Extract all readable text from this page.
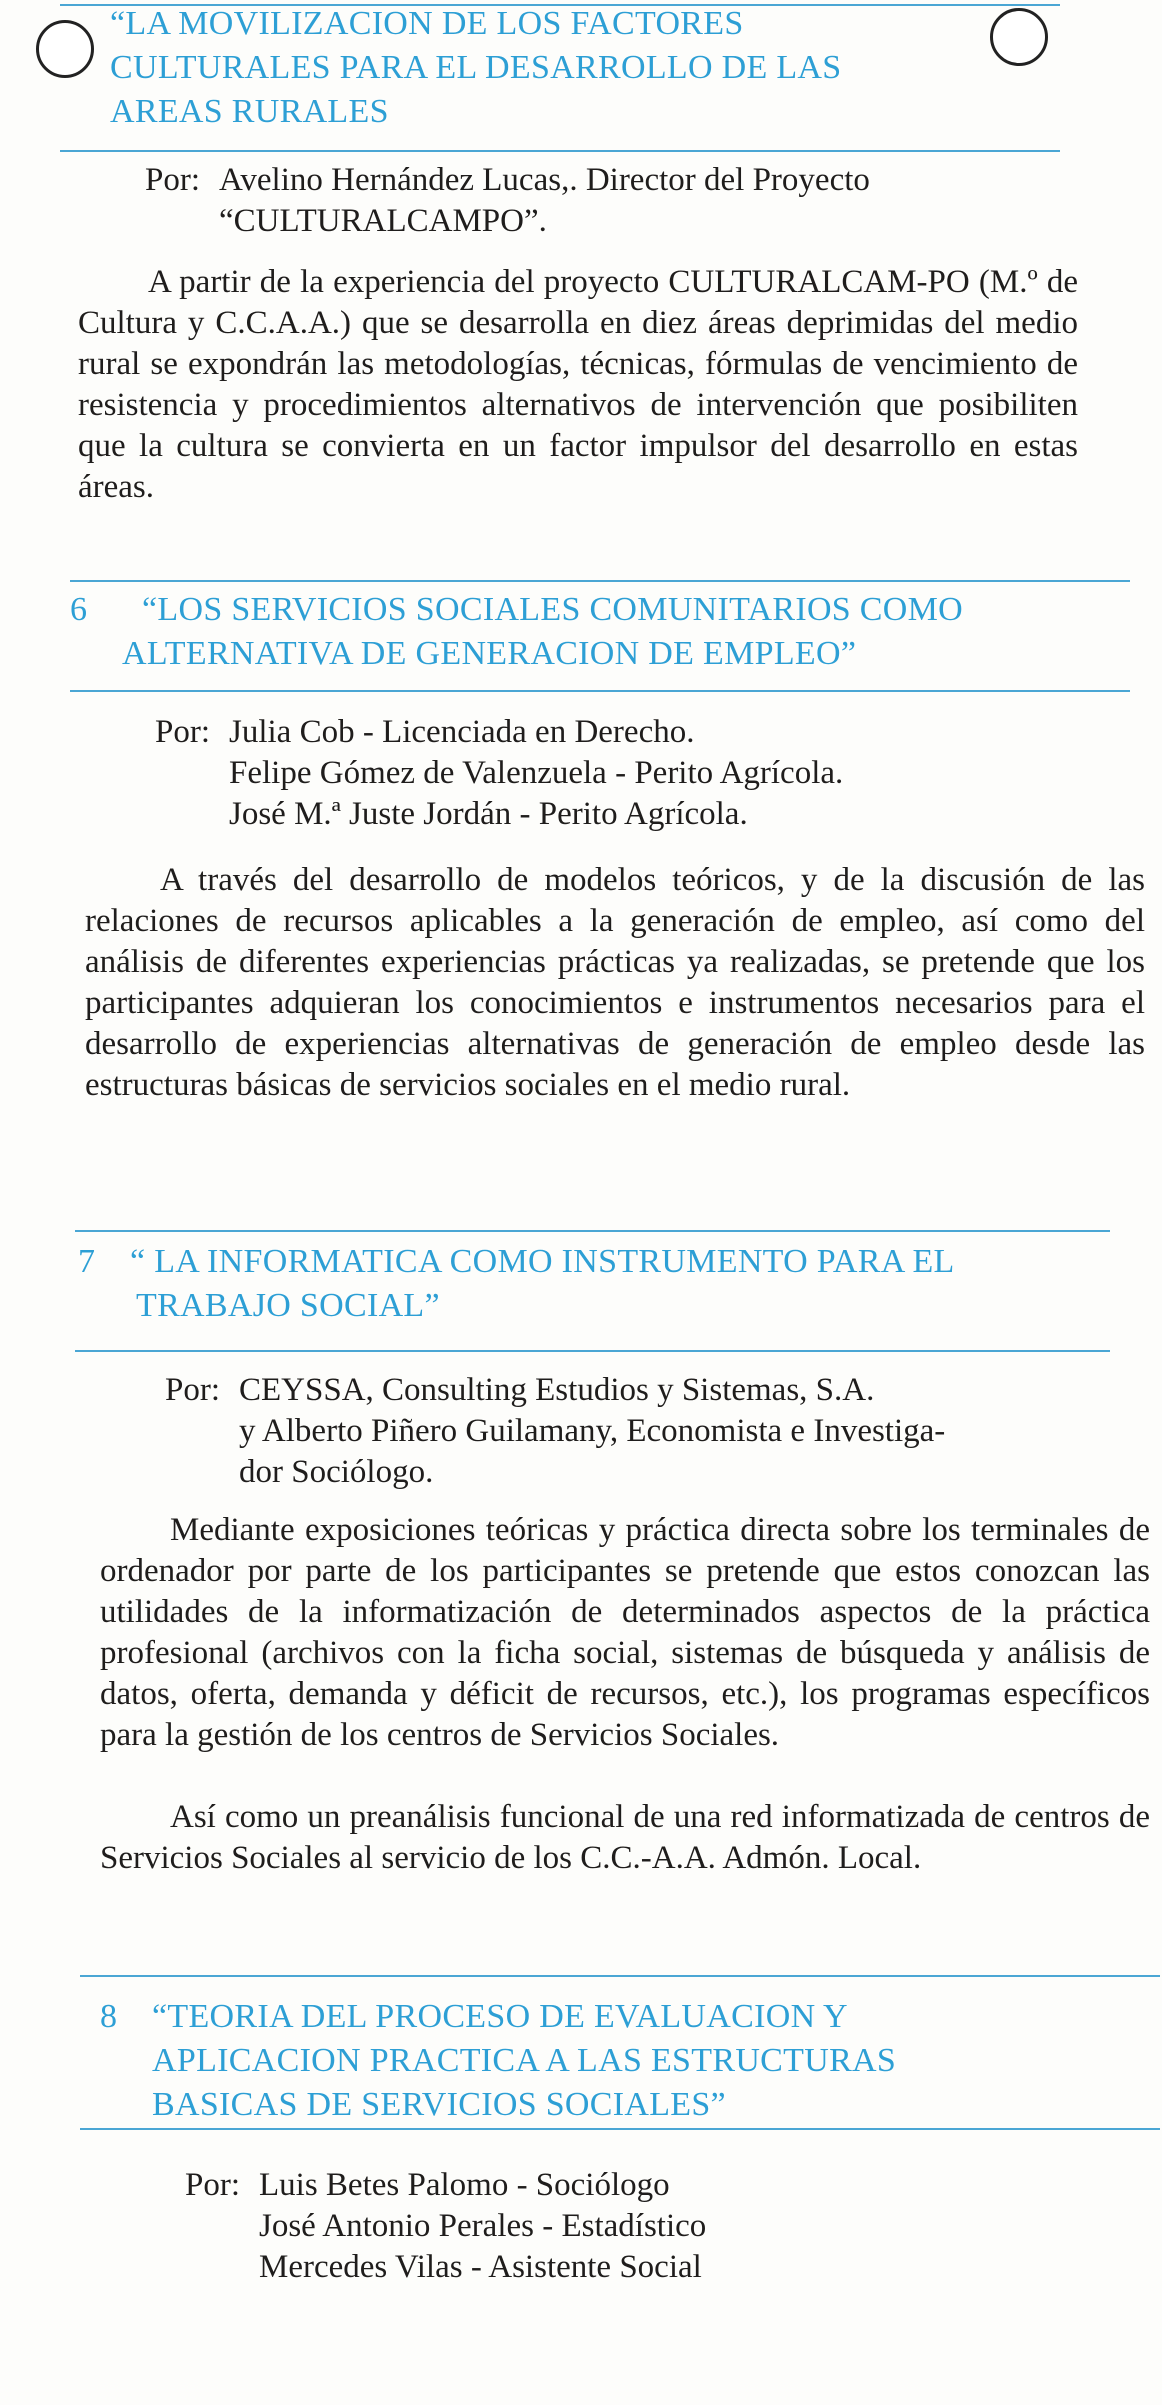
“LA MOVILIZACION DE LOS FACTORES
CULTURALES PARA EL DESARROLLO DE LAS
AREAS RURALES
Por: Avelino Hernández Lucas,. Director del Proyecto
“CULTURALCAMPO”.
A partir de la experiencia del proyecto CULTURALCAM-PO (M.º de Cultura y C.C.A.A.) que se desarrolla en diez áreas deprimidas del medio rural se expondrán las metodologías, técnicas, fórmulas de vencimiento de resistencia y procedimientos alternativos de intervención que posibiliten que la cultura se convierta en un factor impulsor del desarrollo en estas áreas.
6 “LOS SERVICIOS SOCIALES COMUNITARIOS COMO
ALTERNATIVA DE GENERACION DE EMPLEO”
Por: Julia Cob - Licenciada en Derecho.
Felipe Gómez de Valenzuela - Perito Agrícola.
José M.ª Juste Jordán - Perito Agrícola.
A través del desarrollo de modelos teóricos, y de la discusión de las relaciones de recursos aplicables a la generación de empleo, así como del análisis de diferentes experiencias prácticas ya realizadas, se pretende que los participantes adquieran los conocimientos e instrumentos necesarios para el desarrollo de experiencias alternativas de generación de empleo desde las estructuras básicas de servicios sociales en el medio rural.
7 “ LA INFORMATICA COMO INSTRUMENTO PARA EL
TRABAJO SOCIAL”
Por: CEYSSA, Consulting Estudios y Sistemas, S.A.
y Alberto Piñero Guilamany, Economista e Investiga-
dor Sociólogo.
Mediante exposiciones teóricas y práctica directa sobre los terminales de ordenador por parte de los participantes se pretende que estos conozcan las utilidades de la informatización de determinados aspectos de la práctica profesional (archivos con la ficha social, sistemas de búsqueda y análisis de datos, oferta, demanda y déficit de recursos, etc.), los programas específicos para la gestión de los centros de Servicios Sociales.
Así como un preanálisis funcional de una red informatizada de centros de Servicios Sociales al servicio de los C.C.-A.A. Admón. Local.
8 “TEORIA DEL PROCESO DE EVALUACION Y
APLICACION PRACTICA A LAS ESTRUCTURAS
BASICAS DE SERVICIOS SOCIALES”
Por: Luis Betes Palomo - Sociólogo
José Antonio Perales - Estadístico
Mercedes Vilas - Asistente Social
